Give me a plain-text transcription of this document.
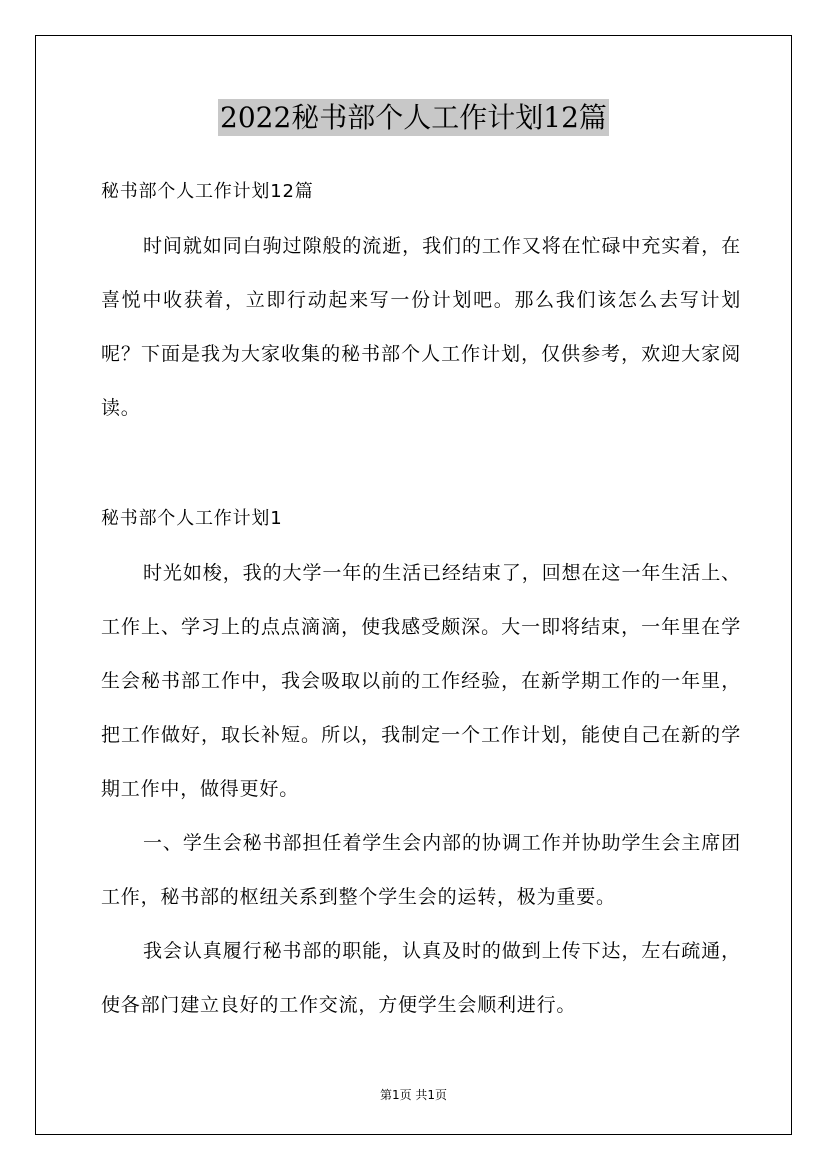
2022秘书部个人工作计划12篇

秘书部个人工作计划12篇

时间就如同白驹过隙般的流逝，我们的工作又将在忙碌中充实着，在喜悦中收获着，立即行动起来写一份计划吧。那么我们该怎么去写计划呢？下面是我为大家收集的秘书部个人工作计划，仅供参考，欢迎大家阅读。

秘书部个人工作计划1

时光如梭，我的大学一年的生活已经结束了，回想在这一年生活上、工作上、学习上的点点滴滴，使我感受颇深。大一即将结束，一年里在学生会秘书部工作中，我会吸取以前的工作经验，在新学期工作的一年里，把工作做好，取长补短。所以，我制定一个工作计划，能使自己在新的学期工作中，做得更好。

一、学生会秘书部担任着学生会内部的协调工作并协助学生会主席团工作，秘书部的枢纽关系到整个学生会的运转，极为重要。

我会认真履行秘书部的职能，认真及时的做到上传下达，左右疏通，使各部门建立良好的工作交流，方便学生会顺利进行。

第1页 共1页
